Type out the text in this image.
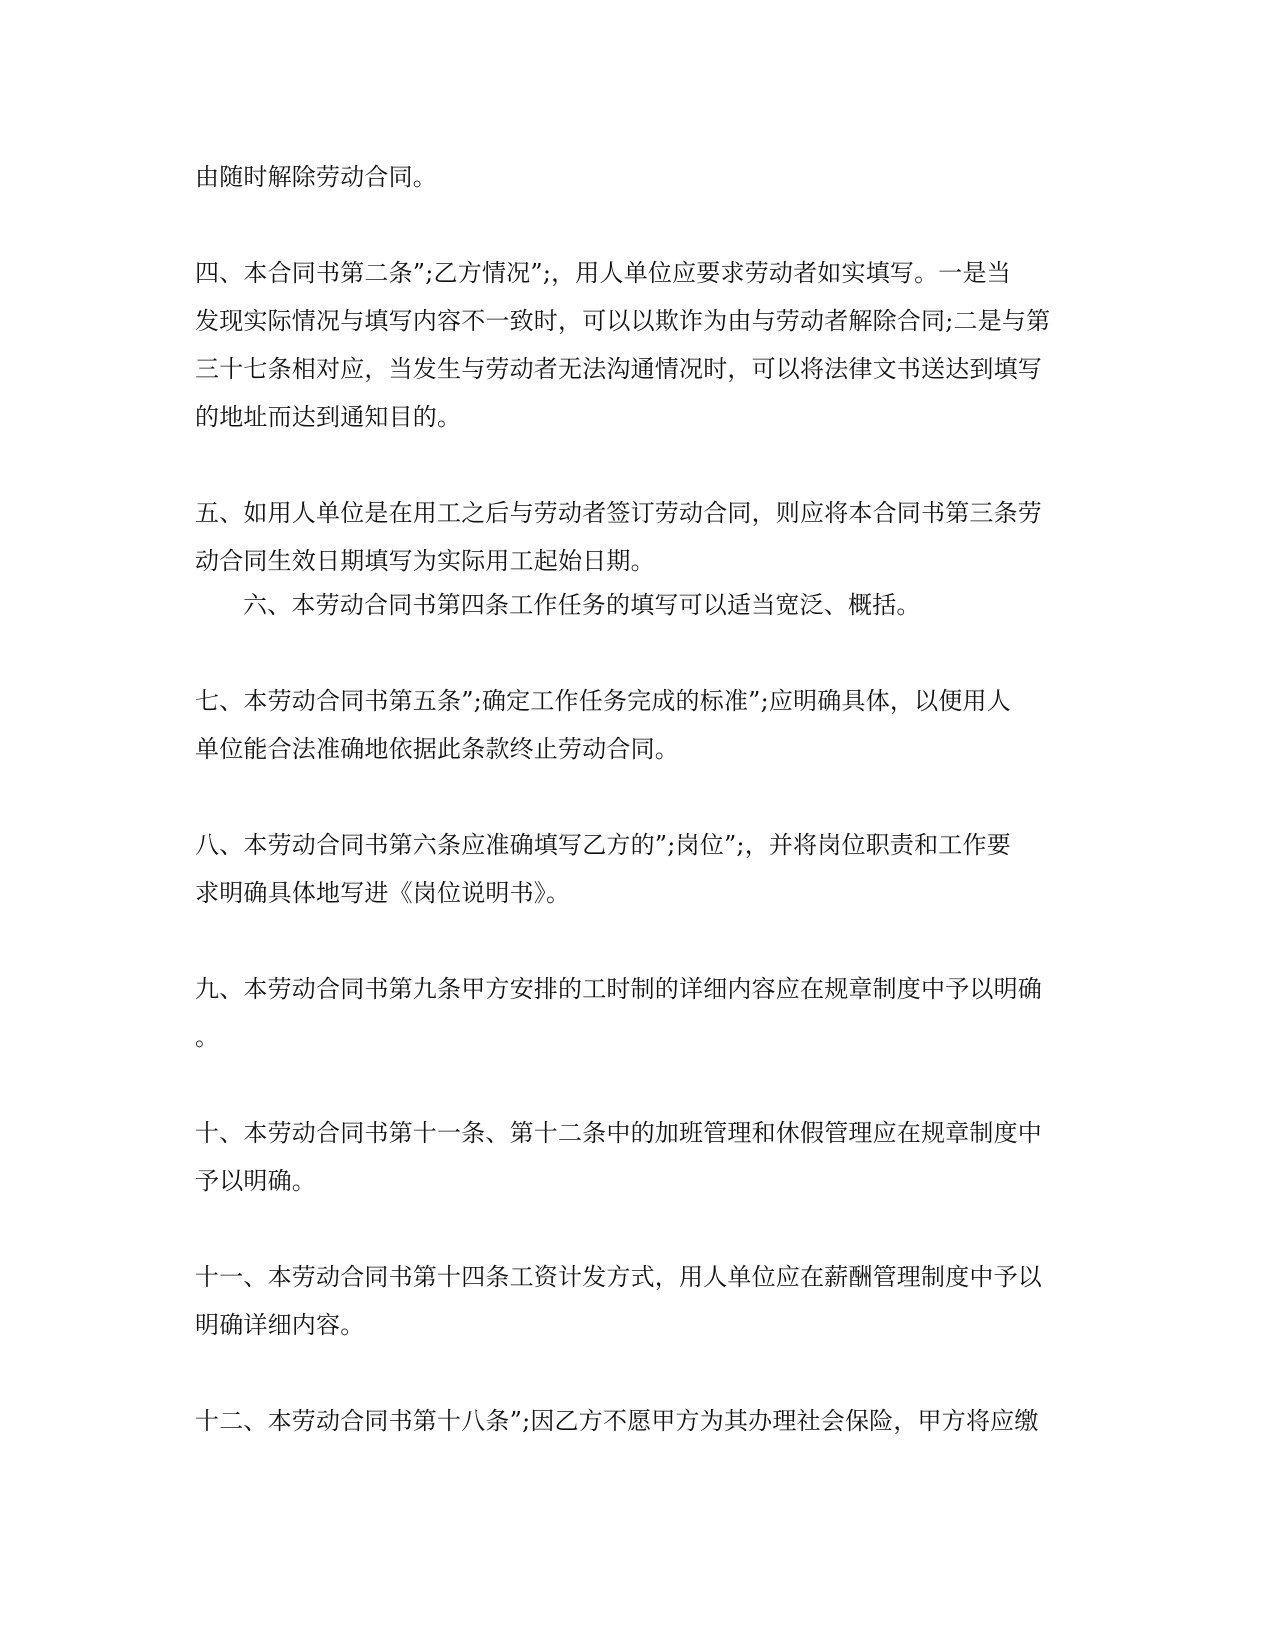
由随时解除劳动合同。
四、本合同书第二条”;乙方情况”;，用人单位应要求劳动者如实填写。一是当
发现实际情况与填写内容不一致时，可以以欺诈为由与劳动者解除合同;二是与第
三十七条相对应，当发生与劳动者无法沟通情况时，可以将法律文书送达到填写
的地址而达到通知目的。
五、如用人单位是在用工之后与劳动者签订劳动合同，则应将本合同书第三条劳
动合同生效日期填写为实际用工起始日期。
六、本劳动合同书第四条工作任务的填写可以适当宽泛、概括。
七、本劳动合同书第五条”;确定工作任务完成的标准”;应明确具体，以便用人
单位能合法准确地依据此条款终止劳动合同。
八、本劳动合同书第六条应准确填写乙方的”;岗位”;，并将岗位职责和工作要
求明确具体地写进《岗位说明书》。
九、本劳动合同书第九条甲方安排的工时制的详细内容应在规章制度中予以明确
。
十、本劳动合同书第十一条、第十二条中的加班管理和休假管理应在规章制度中
予以明确。
十一、本劳动合同书第十四条工资计发方式，用人单位应在薪酬管理制度中予以
明确详细内容。
十二、本劳动合同书第十八条”;因乙方不愿甲方为其办理社会保险，甲方将应缴
